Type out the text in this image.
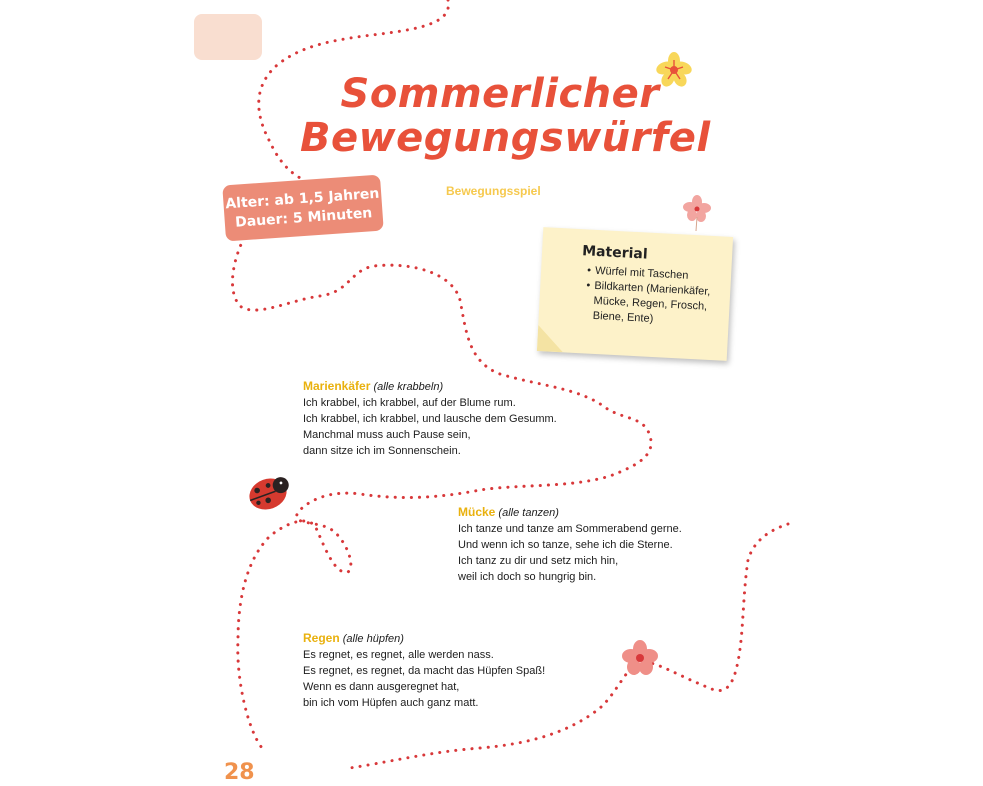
Sommerlicher
Bewegungswürfel
Bewegungsspiel
Alter: ab 1,5 Jahren
Dauer: 5 Minuten
Material
• Würfel mit Taschen
• Bildkarten (Marienkäfer, Mücke, Regen, Frosch, Biene, Ente)
Marienkäfer (alle krabbeln)
Ich krabbel, ich krabbel, auf der Blume rum.
Ich krabbel, ich krabbel, und lausche dem Gesumm.
Manchmal muss auch Pause sein,
dann sitze ich im Sonnenschein.
Mücke (alle tanzen)
Ich tanze und tanze am Sommerabend gerne.
Und wenn ich so tanze, sehe ich die Sterne.
Ich tanz zu dir und setz mich hin,
weil ich doch so hungrig bin.
Regen (alle hüpfen)
Es regnet, es regnet, alle werden nass.
Es regnet, es regnet, da macht das Hüpfen Spaß!
Wenn es dann ausgeregnet hat,
bin ich vom Hüpfen auch ganz matt.
28
